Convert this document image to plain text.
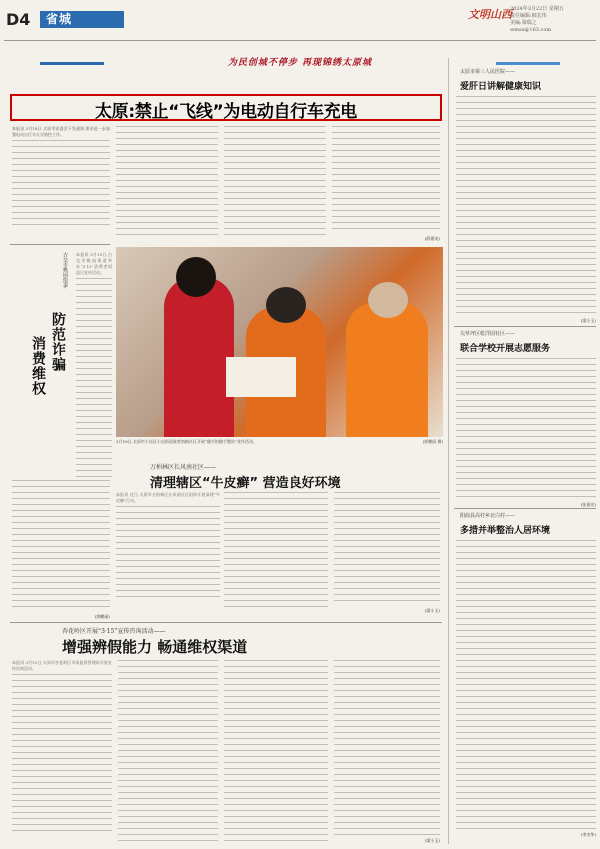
D4	省城	文明山西
2024年3月22日 星期五
责任编辑:韩宏伟
美编:梁瑞之
wmsx@163.com
为民创城不停步 再现锦绣太原城
太原:禁止“飞线”为电动自行车充电
本报讯 3月18日,太原市安委会下发通知,要求进一步加强电动自行车火灾防控工作。
(薛建英)
古交市桃园街道:
防范诈骗
消费维权
本报讯 3月15日,古交市桃园街道举办“3·15”消费者权益日宣传活动。
(郭鹏丽)
3月18日,太原市小店区小店街道准营南路社区开展“随手拍随手整治”宣传活动。	(郭鹏丽 摄)
万柏林区长风南社区——
清理辖区“牛皮癣” 营造良好环境
本报讯 近日,太原市万柏林区长风南社区组织开展清理“牛皮癣”行动。
(梁小玉)
杏花岭区开展“3·15”宣传咨询活动——
增强辨假能力 畅通维权渠道
本报讯 3月15日,太原市杏花岭区市场监督管理局开展宣传咨询活动。
(梁小玉)
太原市第三人民医院——
爱肝日讲解健康知识
(梁小玉)
尖草坪区乾洋园社区——
联合学校开展志愿服务
(张嘉亮)
阳曲县高村乡北白村——
多措并举整治人居环境
(李杰华)
